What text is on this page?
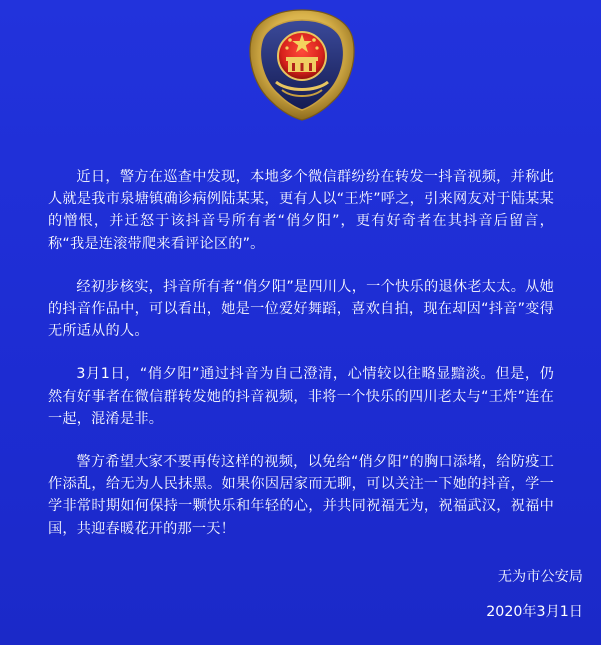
近日，警方在巡查中发现，本地多个微信群纷纷在转发一抖音视频，并称此人就是我市泉塘镇确诊病例陆某某，更有人以“王炸”呼之，引来网友对于陆某某的憎恨，并迁怒于该抖音号所有者“俏夕阳”，更有好奇者在其抖音后留言，称“我是连滚带爬来看评论区的”。

经初步核实，抖音所有者“俏夕阳”是四川人，一个快乐的退休老太太。从她的抖音作品中，可以看出，她是一位爱好舞蹈，喜欢自拍，现在却因“抖音”变得无所适从的人。

3月1日，“俏夕阳”通过抖音为自己澄清，心情较以往略显黯淡。但是，仍然有好事者在微信群转发她的抖音视频，非将一个快乐的四川老太与“王炸”连在一起，混淆是非。

警方希望大家不要再传这样的视频，以免给“俏夕阳”的胸口添堵，给防疫工作添乱，给无为人民抹黑。如果你因居家而无聊，可以关注一下她的抖音，学一学非常时期如何保持一颗快乐和年轻的心，并共同祝福无为，祝福武汉，祝福中国，共迎春暖花开的那一天！

无为市公安局
2020年3月1日
